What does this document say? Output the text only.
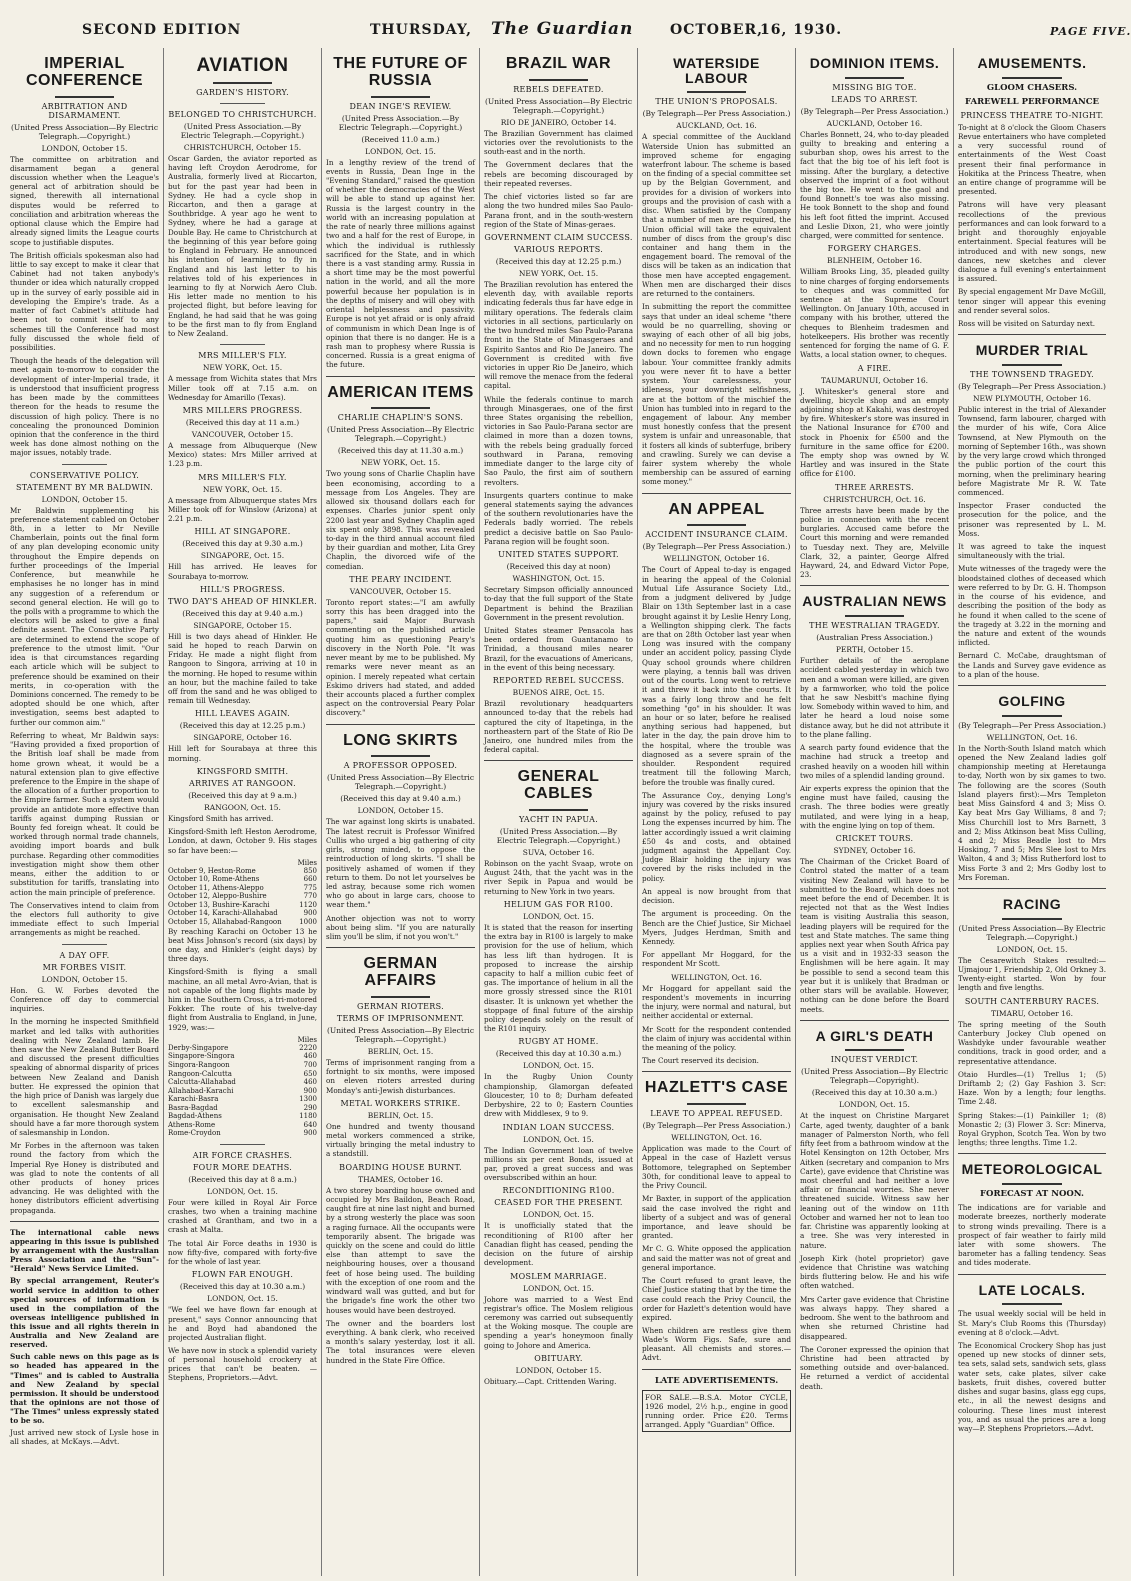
SECOND EDITION	THURSDAY, The Guardian	OCTOBER,
16, 1930.	PAGE FIVE.
IMPERIAL CONFERENCE
ARBITRATION AND DISARMAMENT.
(United Press Association—By Electric Telegraph.—Copyright.)
LONDON, October 15.

The committee on arbitration and disarmament began a general discussion whether when the League's general act of arbitration should be signed, therewith all international disputes would be referred to conciliation and arbitration whereas the optional clause which the Empire had already signed limits the League courts scope to justifiable disputes.

The British officials spokesman also had little to say except to make it clear that Cabinet had not taken anybody's thunder or idea which naturally cropped up in the survey of early possible aid in developing the Empire's trade. As a matter of fact Cabinet's attitude had been not to commit itself to any schemes till the Conference had most fully discussed the whole field of possibilities.

Though the heads of the delegation will meet again to-morrow to consider the development of inter-Imperial trade, it is understood that insufficient progress has been made by the committees thereon for the heads to resume the discussion of high policy. There is no concealing the pronounced Dominion opinion that the conference in the third week has done almost nothing on the major issues, notably trade.

CONSERVATIVE POLICY.
STATEMENT BY MR BALDWIN.
LONDON, October 15.

Mr Baldwin supplementing his preference statement cabled on October 8th, in a letter to Mr Neville Chamberlain, points out the final form of any plan developing economic unity throughout the Empire depends on further proceedings of the Imperial Conference, but meanwhile he emphasises he no longer has in mind any suggestion of a referendum or second general election. He will go to the polls with a programme to which the electors will be asked to give a final definite assent. The Conservative Party are determined to extend the scope of preference to the utmost limit. "Our idea is that circumstances regarding each article which will be subject to preference should be examined on their merits, in co-operation with the Dominions concerned. The remedy to be adopted should be one which, after investigation, seems best adapted to further our common aim."

Referring to wheat, Mr Baldwin says: "Having provided a fixed proportion of the British loaf shall be made from home grown wheat, it would be a natural extension plan to give effective preference to the Empire in the shape of the allocation of a further proportion to the Empire farmer. Such a system would provide an antidote more effective than tariffs against dumping Russian or Bounty fed foreign wheat. It could be worked through normal trade channels, avoiding import boards and bulk purchase. Regarding other commodities investigation might show them other means, either the addition to or substitution for tariffs, translating into action the main principle of preference.

The Conservatives intend to claim from the electors full authority to give immediate effect to such Imperial arrangements as might be reached.

A DAY OFF.
MR FORBES VISIT.
LONDON, October 15.

Hon. G. W. Forbes devoted the Conference off day to commercial inquiries.

In the morning he inspected Smithfield market and led talks with authorities dealing with New Zealand lamb. He then saw the New Zealand Butter Board and discussed the present difficulties speaking of abnormal disparity of prices between New Zealand and Danish butter. He expressed the opinion that the high price of Danish was largely due to excellent salesmanship and organisation. He thought New Zealand should have a far more thorough system of salesmanship in London.

Mr Forbes in the afternoon was taken round the factory from which the Imperial Rye Honey is distributed and was glad to note the contents of all other products of honey prices advancing. He was delighted with the honey distributors efficient advertising propaganda.

The international cable news appearing in this issue is published by arrangement with the Australian Press Association and the "Sun"-"Herald" News Service Limited.

By special arrangement, Reuter's world service in addition to other special sources of information is used in the compilation of the overseas intelligence published in this issue and all rights therein in Australia and New Zealand are reserved.

Such cable news on this page as is so headed has appeared in the "Times" and is cabled to Australia and New Zealand by special permission. It should be understood that the opinions are not those of "The Times" unless expressly stated to be so.

Just arrived new stock of Lysle hose in all shades, at McKays.—Advt.

AVIATION
GARDEN'S HISTORY.
BELONGED TO CHRISTCHURCH.
(United Press Association.—By Electric Telegraph.—Copyright.)
CHRISTCHURCH, October 15.

Oscar Garden, the aviator reported as having left Croydon Aerodrome, for Australia, formerly lived at Riccarton, but for the past year had been in Sydney. He had a cycle shop in Riccarton, and then a garage at Southbridge. A year ago he went to Sydney, where he had a garage at Double Bay. He came to Christchurch at the beginning of this year before going to England in February. He announced his intention of learning to fly in England and his last letter to his relatives told of his experiences in learning to fly at Norwich Aero Club. His letter made no mention to his projected flight, but before leaving for England, he had said that he was going to be the first man to fly from England to New Zealand.

MRS MILLER'S FLY.
NEW YORK, Oct. 15.

A message from Wichita states that Mrs Miller took off at 7.15 a.m. on Wednesday for Amarillo (Texas).

MRS MILLERS PROGRESS.
(Received this day at 11 a.m.)
VANCOUVER, October 15.

A message from Albuquerque (New Mexico) states: Mrs Miller arrived at 1.23 p.m.

MRS MILLER'S FLY.
NEW YORK, Oct. 15.

A message from Albuquerque states Mrs Miller took off for Winslow (Arizona) at 2.21 p.m.

HILL AT SINGAPORE.
(Received this day at 9.30 a.m.)
SINGAPORE, Oct. 15.

Hill has arrived. He leaves for Sourabaya to-morrow.

HILL'S PROGRESS.
TWO DAY'S AHEAD OF HINKLER.
(Received this day at 9.40 a.m.)
SINGAPORE, October 15.

Hill is two days ahead of Hinkler. He said he hoped to reach Darwin on Friday. He made a night flight from Rangoon to Singora, arriving at 10 in the morning. He hoped to resume within an hour, but the machine failed to take off from the sand and he was obliged to remain till Wednesday.

HILL LEAVES AGAIN.
(Received this day at 12.25 p.m.)
SINGAPORE, October 16.

Hill left for Sourabaya at three this morning.

KINGSFORD SMITH.
ARRIVES AT RANGOON.
(Received this day at 9 a.m.)
RANGOON, Oct. 15.

Kingsford Smith has arrived.

Kingsford-Smith left Heston Aerodrome, London, at dawn, October 9. His stages so far have been:—

Miles
October 9, Heston-Rome	850
October 10, Rome-Athens	660
October 11, Athens-Aleppo	775
October 12, Aleppo-Bushire	770
October 13, Bushire-Karachi	1120
October 14, Karachi-Allahabad	900
October 15, Allahabad-Rangoon	1000

By reaching Karachi on October 13 he beat Miss Johnson's record (six days) by one day, and Hinkler's (eight days) by three days.

Kingsford-Smith is flying a small machine, an all metal Avro-Avian, that is not capable of the long flights made by him in the Southern Cross, a tri-motored Fokker. The route of his twelve-day flight from Australia to England, in June, 1929, was:—

Miles
Derby-Singapore	2220
Singapore-Singora	460
Singora-Rangoon	700
Rangoon-Calcutta	650
Calcutta-Allahabad	460
Allahabad-Karachi	900
Karachi-Basra	1300
Basra-Bagdad	290
Bagdad-Athens	1180
Athens-Rome	640
Rome-Croydon	900
AIR FORCE CRASHES.
FOUR MORE DEATHS.
(Received this day at 8 a.m.)
LONDON, Oct. 15.

Four were killed in Royal Air Force crashes, two when a training machine crashed at Grantham, and two in a crash at Malta.

The total Air Force deaths in 1930 is now fifty-five, compared with forty-five for the whole of last year.

FLOWN FAR ENOUGH.
(Received this day at 10.30 a.m.)
LONDON, Oct. 15.

"We feel we have flown far enough at present," says Connor announcing that he and Boyd had abandoned the projected Australian flight.

We have now in stock a splendid variety of personal household crockery at prices that can't be beaten. — Stephens, Proprietors.—Advt.

THE FUTURE OF RUSSIA
DEAN INGE'S REVIEW.
(United Press Association.—By Electric Telegraph.—Copyright.)
(Received 11.0 a.m.)
LONDON, Oct. 15.

In a lengthy review of the trend of events in Russia, Dean Inge in the "Evening Standard," raised the question of whether the democracies of the West will be able to stand up against her. Russia is the largest country in the world with an increasing population at the rate of nearly three millions against two and a half for the rest of Europe, in which the individual is ruthlessly sacrificed for the State, and in which there is a vast standing army. Russia in a short time may be the most powerful nation in the world, and all the more powerful because her population is in the depths of misery and will obey with oriental helplessness and passivity. Europe is not yet afraid or is only afraid of communism in which Dean Inge is of opinion that there is no danger. He is a rash man to prophesy where Russia is concerned. Russia is a great enigma of the future.

AMERICAN ITEMS
CHARLIE CHAPLIN'S SONS.
(United Press Association—By Electric Telegraph.—Copyright.)
(Received this day at 11.30 a.m.)
NEW YORK, Oct. 15.

Two young sons of Charlie Chaplin have been economising, according to a message from Los Angeles. They are allowed six thousand dollars each for expenses. Charles junior spent only 2200 last year and Sydney Chaplin aged six spent only 3898. This was revealed to-day in the third annual account filed by their guardian and mother, Lita Grey Chaplin, the divorced wife of the comedian.

THE PEARY INCIDENT.
VANCOUVER, October 15.

Toronto report states:—"I am awfully sorry this has been dragged into the papers," said Major Burwash commenting on the published article quoting him as questioning Peary's discovery in the North Pole. "It was never meant by me to be published. My remarks were never meant as an opinion. I merely repeated what certain Eskimo drivers had stated, and added their accounts placed a further complex aspect on the controversial Peary Polar discovery."

LONG SKIRTS
A PROFESSOR OPPOSED.
(United Press Association—By Electric Telegraph.—Copyright.)
(Received this day at 9.40 a.m.)
LONDON, October 15.

The war against long skirts is unabated. The latest recruit is Professor Winifred Cullis who urged a big gathering of city girls, strong minded, to oppose the reintroduction of long skirts. "I shall be positively ashamed of women if they return to them. Do not let yourselves be led astray, because some rich women who go about in large cars, choose to wear them."

Another objection was not to worry about being slim. "If you are naturally slim you'll be slim, if not you won't."

GERMAN AFFAIRS
GERMAN RIOTERS.
TERMS OF IMPRISONMENT.
(United Press Association—By Electric Telegraph.—Copyright.)
BERLIN, Oct. 15.

Terms of imprisonment ranging from a fortnight to six months, were imposed on eleven rioters arrested during Monday's anti-Jewish disturbances.

METAL WORKERS STRIKE.
BERLIN, Oct. 15.

One hundred and twenty thousand metal workers commenced a strike, virtually bringing the metal industry to a standstill.

BOARDING HOUSE BURNT.
THAMES, October 16.

A two storey boarding house owned and occupied by Mrs Baildon, Beach Road, caught fire at nine last night and burned by a strong westerly the place was soon a raging furnace. All the occupants were temporarily absent. The brigade was quickly on the scene and could do little else than attempt to save the neighbouring houses, over a thousand feet of hose being used. The building with the exception of one room and the windward wall was gutted, and but for the brigade's fine work the other two houses would have been destroyed.

The owner and the boarders lost everything. A bank clerk, who received a month's salary yesterday, lost it all. The total insurances were eleven hundred in the State Fire Office.

BRAZIL WAR
REBELS DEFEATED.
(United Press Association—By Electric Telegraph.—Copyright.)
RIO DE JANEIRO, October 14.

The Brazilian Government has claimed victories over the revolutionists to the south-east and in the north.

The Government declares that the rebels are becoming discouraged by their repeated reverses.

The chief victories listed so far are along the two hundred miles Sao Paulo-Parana front, and in the south-western region of the State of Minas-geraes.

GOVERNMENT CLAIM SUCCESS.
VARIOUS REPORTS.
(Received this day at 12.25 p.m.)
NEW YORK, Oct. 15.

The Brazilian revolution has entered the eleventh day, with available reports indicating federals thus far have edge in military operations. The federals claim victories in all sections, particularly on the two hundred miles Sao Paulo-Parana front in the State of Minasgeraes and Espirito Santos and Rio De Janeiro. The Government is credited with five victories in upper Rio De Janeiro, which will remove the menace from the federal capital.

While the federals continue to march through Minasgeraes, one of the first three States organising the rebellion, victories in Sao Paulo-Parana sector are claimed in more than a dozen towns, with the rebels being gradually forced southward in Parana, removing immediate danger to the large city of Sao Paulo, the first aim of southern revolters.

Insurgents quarters continue to make general statements saying the advances of the southern revolutionaries have the Federals badly worried. The rebels predict a decisive battle on Sao Paulo-Parana region will be fought soon.

UNITED STATES SUPPORT.
(Received this day at noon)
WASHINGTON, Oct. 15.

Secretary Simpson officially announced to-day that the full support of the State Department is behind the Brazilian Government in the present revolution.

United States steamer Pensacola has been ordered from Guantanamo to Trinidad, a thousand miles nearer Brazil, for the evacuations of Americans, in the event of this being necessary.

REPORTED REBEL SUCCESS.
BUENOS AIRE, Oct. 15.

Brazil revolutionary headquarters announced to-day that the rebels had captured the city of Itapetinga, in the northeastern part of the State of Rio De Janeiro, one hundred miles from the federal capital.

GENERAL CABLES
YACHT IN PAPUA.
(United Press Association.—By Electric Telegraph.—Copyright.)
SUVA, October 16.

Robinson on the yacht Svaap, wrote on August 24th, that the yacht was in the river Sepik in Papua and would be returning to New York in two years.

HELIUM GAS FOR R100.
LONDON, Oct. 15.

It is stated that the reason for inserting the extra bay in R100 is largely to make provision for the use of helium, which has less lift than hydrogen. It is proposed to increase the airship capacity to half a million cubic feet of gas. The importance of helium in all the more grossly stressed since the R101 disaster. It is unknown yet whether the stoppage of final future of the airship policy depends solely on the result of the R101 inquiry.

RUGBY AT HOME.
(Received this day at 10.30 a.m.)
LONDON, Oct. 15.

In the Rugby Union County championship, Glamorgan defeated Gloucester, 10 to 8; Durham defeated Derbyshire, 22 to 0; Eastern Counties drew with Middlesex, 9 to 9.

INDIAN LOAN SUCCESS.
LONDON, Oct. 15.

The Indian Government loan of twelve millions six per cent Bonds, issued at par, proved a great success and was oversubscribed within an hour.

RECONDITIONING R100.
CEASED FOR THE PRESENT.
LONDON, Oct. 15.

It is unofficially stated that the reconditioning of R100 after her Canadian flight has ceased, pending the decision on the future of airship development.

MOSLEM MARRIAGE.
LONDON, Oct. 15.

Johore was married to a West End registrar's office. The Moslem religious ceremony was carried out subsequently at the Woking mosque. The couple are spending a year's honeymoon finally going to Johore and America.

OBITUARY.
LONDON, October 15.

Obituary.—Capt. Crittenden Waring.

WATERSIDE LABOUR
THE UNION'S PROPOSALS.
(By Telegraph—Per Press Association.)
AUCKLAND, Oct. 16.

A special committee of the Auckland Waterside Union has submitted an improved scheme for engaging waterfront labour. The scheme is based on the finding of a special committee set up by the Belgian Government, and provides for a division of workers into groups and the provision of cash with a disc. When satisfied by the Company that a number of men are required, the Union official will take the equivalent number of discs from the group's disc container and hang them in the engagement board. The removal of the discs will be taken as an indication that those men have accepted engagement. When men are discharged their discs are returned to the containers.

In submitting the report the committee says that under an ideal scheme "there would be no quarrelling, shoving or swaying of each other of all big jobs, and no necessity for men to run hogging down docks to foremen who engage labour. Your committee frankly admits you were never fit to have a better system. Your carelessness, your idleness, your downright selfishness, are at the bottom of the mischief the Union has tumbled into in regard to the engagement of labour. Any member must honestly confess that the present system is unfair and unreasonable, that it fosters all kinds of subterfuge, bribery and crawling. Surely we can devise a fairer system whereby the whole membership can be assured of earning some money."

AN APPEAL
ACCIDENT INSURANCE CLAIM.
(By Telegraph—Per Press Association.)
WELLINGTON, October 16.

The Court of Appeal to-day is engaged in hearing the appeal of the Colonial Mutual Life Assurance Society Ltd., from a judgment delivered by Judge Blair on 13th September last in a case brought against it by Leslie Henry Long, a Wellington shipping clerk. The facts are that on 28th October last year when Long was insured with the company under an accident policy, passing Clyde Quay school grounds where children were playing, a tennis ball was driven out of the courts. Long went to retrieve it and threw it back into the courts. It was a fairly long throw and he felt something "go" in his shoulder. It was an hour or so later, before he realised anything serious had happened, but later in the day, the pain drove him to the hospital, where the trouble was diagnosed as a severe sprain of the shoulder. Respondent required treatment till the following March, before the trouble was finally cured.

The Assurance Coy., denying Long's injury was covered by the risks insured against by the policy, refused to pay Long the expenses incurred by him. The latter accordingly issued a writ claiming £50 4s and costs, and obtained judgment against the Appellant Coy. Judge Blair holding the injury was covered by the risks included in the policy.

An appeal is now brought from that decision.

The argument is proceeding. On the Bench are the Chief Justice, Sir Michael Myers, Judges Herdman, Smith and Kennedy.

For appellant Mr Hoggard, for the respondent Mr Scott.

WELLINGTON, Oct. 16.

Mr Hoggard for appellant said the respondent's movements in incurring the injury, were normal and natural, but neither accidental or external.

Mr Scott for the respondent contended the claim of injury was accidental within the meaning of the policy.

The Court reserved its decision.

HAZLETT'S CASE
LEAVE TO APPEAL REFUSED.
(By Telegraph—Per Press Association.)
WELLINGTON, Oct. 16.

Application was made to the Court of Appeal in the case of Hazlett versus Bottomore, telegraphed on September 30th, for conditional leave to appeal to the Privy Council.

Mr Baxter, in support of the application said the case involved the right and liberty of a subject and was of general importance, and leave should be granted.

Mr C. G. White opposed the application and said the matter was not of great and general importance.

The Court refused to grant leave, the Chief Justice stating that by the time the case could reach the Privy Council, the order for Hazlett's detention would have expired.

When children are restless give them Wade's Worm Figs. Safe, sure and pleasant. All chemists and stores.—Advt.

LATE ADVERTISEMENTS.

FOR SALE.—B.S.A. Motor CYCLE, 1926 model, 2½ h.p., engine in good running order. Price £20. Terms arranged. Apply "Guardian" Office.

DOMINION ITEMS.
MISSING BIG TOE.
LEADS TO ARREST.
(By Telegraph—Per Press Association.)
AUCKLAND, October 16.

Charles Bonnett, 24, who to-day pleaded guilty to breaking and entering a suburban shop, owes his arrest to the fact that the big toe of his left foot is missing. After the burglary, a detective observed the imprint of a foot without the big toe. He went to the gaol and found Bonnett's toe was also missing. He took Bonnett to the shop and found his left foot fitted the imprint. Accused and Leslie Dixon, 21, who were jointly charged, were committed for sentence.

FORGERY CHARGES.
BLENHEIM, October 16.

William Brooks Ling, 35, pleaded guilty to nine charges of forging endorsements to cheques and was committed for sentence at the Supreme Court Wellington. On January 10th, accused in company with his brother, uttered the cheques to Blenheim tradesmen and hotelkeepers. His brother was recently sentenced for forging the name of G. F. Watts, a local station owner, to cheques.

A FIRE.
TAUMARUNUI, October 16.

J. Whitesker's general store and dwelling, bicycle shop and an empty adjoining shop at Kakahi, was destroyed by fire. Whitesker's store was insured in the National Insurance for £700 and stock in Phoenix for £500 and the furniture in the same office for £200. The empty shop was owned by W. Hartley and was insured in the State office for £100.

THREE ARRESTS.
CHRISTCHURCH, Oct. 16.

Three arrests have been made by the police in connection with the recent burglaries. Accused came before the Court this morning and were remanded to Tuesday next. They are, Melville Clark, 32, a painter, George Alfred Hayward, 24, and Edward Victor Pope, 23.

AUSTRALIAN NEWS
THE WESTRALIAN TRAGEDY.
(Australian Press Association.)
PERTH, October 15.

Further details of the aeroplane accident cabled yesterday in which two men and a woman were killed, are given by a farmworker, who told the police that he saw Nesbitt's machine flying low. Somebody within waved to him, and later he heard a loud noise some distance away, but he did not attribute it to the plane falling.

A search party found evidence that the machine had struck a treetop and crashed heavily on a wooden hill within two miles of a splendid landing ground.

Air experts express the opinion that the engine must have failed, causing the crash. The three bodies were greatly mutilated, and were lying in a heap, with the engine lying on top of them.

CRICKET TOURS.
SYDNEY, October 16.

The Chairman of the Cricket Board of Control stated the matter of a team visiting New Zealand will have to be submitted to the Board, which does not meet before the end of December. It is rejected not that as the West Indies team is visiting Australia this season, leading players will be required for the test and State matches. The same thing applies next year when South Africa pay us a visit and in 1932-33 season the Englishmen will be here again. It may be possible to send a second team this year but it is unlikely that Bradman or other stars will be available. However, nothing can be done before the Board meets.

A GIRL'S DEATH
INQUEST VERDICT.
(United Press Association—By Electric Telegraph—Copyright).
(Received this day at 10.30 a.m.)
LONDON, Oct. 15.

At the inquest on Christine Margaret Carte, aged twenty, daughter of a bank manager of Palmerston North, who fell fifty feet from a bathroom window at the Hotel Kensington on 12th October, Mrs Aitken (secretary and companion to Mrs Carte), gave evidence that Christine was most cheerful and had neither a love affair or financial worries. She never threatened suicide. Witness saw her leaning out of the window on 11th October and warned her not to lean too far. Christine was apparently looking at a tree. She was very interested in nature.

Joseph Kirk (hotel proprietor) gave evidence that Christine was watching birds fluttering below. He and his wife often watched.

Mrs Carter gave evidence that Christine was always happy. They shared a bedroom. She went to the bathroom and when she returned Christine had disappeared.

The Coroner expressed the opinion that Christine had been attracted by something outside and over-balanced. He returned a verdict of accidental death.

AMUSEMENTS.
GLOOM CHASERS.
FAREWELL PERFORMANCE
PRINCESS THEATRE TO-NIGHT.

To-night at 8 o'clock the Gloom Chasers Revue entertainers who have completed a very successful round of entertainments of the West Coast present their final performance in Hokitika at the Princess Theatre, when an entire change of programme will be presented.

Patrons will have very pleasant recollections of the previous performances and can look forward to a bright and thoroughly enjoyable entertainment. Special features will be introduced and with new songs, new dances, new sketches and clever dialogue a full evening's entertainment is assured.

By special engagement Mr Dave McGill, tenor singer will appear this evening and render several solos.

Ross will be visited on Saturday next.

MURDER TRIAL
THE TOWNSEND TRAGEDY.
(By Telegraph—Per Press Association.)
NEW PLYMOUTH, October 16.

Public interest in the trial of Alexander Townsend, farm labourer, charged with the murder of his wife, Cora Alice Townsend, at New Plymouth on the morning of September 16th., was shown by the very large crowd which thronged the public portion of the court this morning, when the preliminary hearing before Magistrate Mr R. W. Tate commenced.

Inspector Fraser conducted the prosecution for the police, and the prisoner was represented by L. M. Moss.

It was agreed to take the inquest simultaneously with the trial.

Mute witnesses of the tragedy were the bloodstained clothes of deceased which were referred to by Dr. G. H. Thompson in the course of his evidence, and describing the position of the body as he found it when called to the scene of the tragedy at 3.22 in the morning and the nature and extent of the wounds inflicted.

Bernard C. McCabe, draughtsman of the Lands and Survey gave evidence as to a plan of the house.

GOLFING
(By Telegraph—Per Press Association.)
WELLINGTON, Oct. 16.

In the North-South Island match which opened the New Zealand ladies golf championship meeting at Heretaunga to-day, North won by six games to two. The following are the scores (South Island players first):—Mrs Templeton beat Miss Gainsford 4 and 3; Miss O. Kay beat Mrs Gay Williams, 8 and 7; Miss Churchill lost to Mrs Barnett, 3 and 2; Miss Atkinson beat Miss Culling, 4 and 2; Miss Beadle lost to Mrs Hosking, 7 and 5; Mrs Slee lost to Mrs Walton, 4 and 3; Miss Rutherford lost to Miss Forte 3 and 2; Mrs Godby lost to Mrs Foreman.

RACING
(United Press Association—By Electric Telegraph.—Copyright.)
LONDON, Oct. 15.

The Cesarewitch Stakes resulted:—Ujmajour 1, Friendship 2, Old Orkney 3. Twenty-eight started. Won by four length and five lengths.

SOUTH CANTERBURY RACES.
TIMARU, October 16.

The spring meeting of the South Canterbury Jockey Club opened on Washdyke under favourable weather conditions, track in good order, and a representative attendance.

Otaio Hurdles—(1) Trellus 1; (5) Driftamb 2; (2) Gay Fashion 3. Scr: Haze. Won by a length; four lengths. Time 2.48.

Spring Stakes:—(1) Painkiller 1; (8) Monastic 2; (3) Flower 3. Scr: Minerva, Royal Gryphon, Scotch Tea. Won by two lengths; three lengths. Time 1.2.

METEOROLOGICAL
FORECAST AT NOON.

The indications are for variable and moderate breezes, northerly moderate to strong winds prevailing. There is a prospect of fair weather to fairly mild later with some showers. The barometer has a falling tendency. Seas and tides moderate.

LATE LOCALS.

The usual weekly social will be held in St. Mary's Club Rooms this (Thursday) evening at 8 o'clock.—Advt.

The Economical Crockery Shop has just opened up new stocks of dinner sets, tea sets, salad sets, sandwich sets, glass water sets, cake plates, silver cake baskets, fruit dishes, covered butter dishes and sugar basins, glass egg cups, etc., in all the newest designs and colouring. These lines must interest you, and as usual the prices are a long way—P. Stephens Proprietors.—Advt.
